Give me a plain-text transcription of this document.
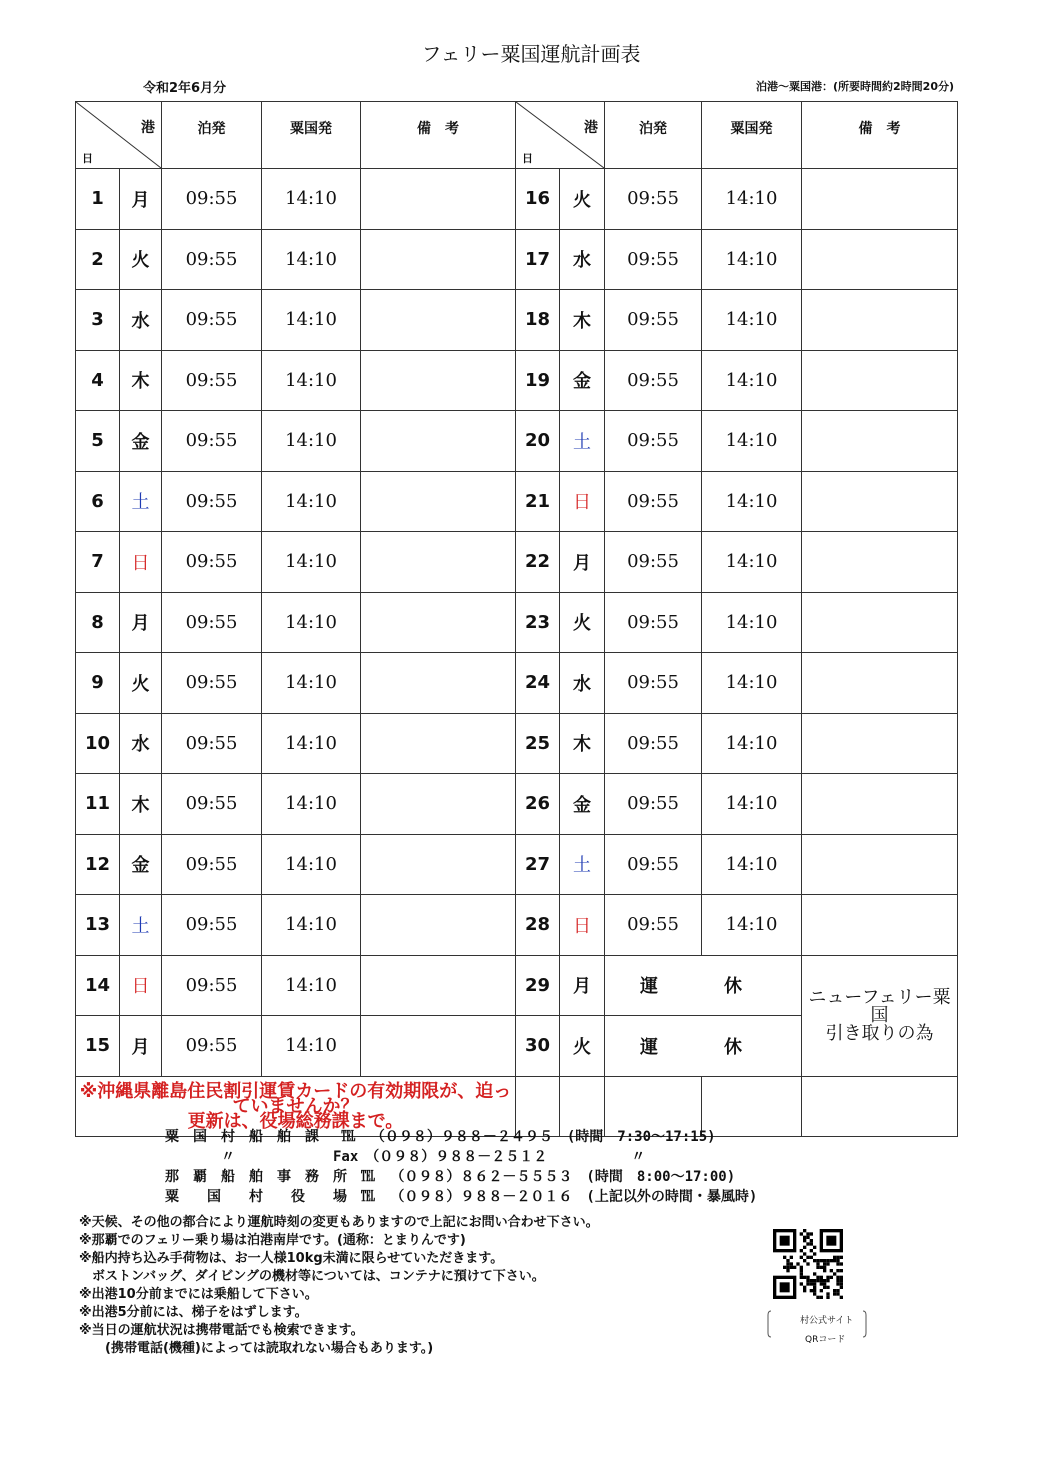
フェリー粟国運航計画表
令和2年6月分	泊港～粟国港：(所要時間約2時間20分)
港
日		泊発	粟国発	備　考	港
日		泊発	粟国発	備　考
1	月	09:55	14:10		16	火	09:55	14:10	
2	火	09:55	14:10		17	水	09:55	14:10	
3	水	09:55	14:10		18	木	09:55	14:10	
4	木	09:55	14:10		19	金	09:55	14:10	
5	金	09:55	14:10		20	土	09:55	14:10	
6	土	09:55	14:10		21	日	09:55	14:10	
7	日	09:55	14:10		22	月	09:55	14:10	
8	月	09:55	14:10		23	火	09:55	14:10	
9	火	09:55	14:10		24	水	09:55	14:10	
10	水	09:55	14:10		25	木	09:55	14:10	
11	木	09:55	14:10		26	金	09:55	14:10	
12	金	09:55	14:10		27	土	09:55	14:10	
13	土	09:55	14:10		28	日	09:55	14:10	
14	日	09:55	14:10		29	月	運　休		ニューフェリー粟国
引き取りの為
15	月	09:55	14:10		30	火	運　休		

※沖縄県離島住民割引運賃カードの有効期限が、迫っていませんか？
更新は、役場総務課まで。									

粟　国　村　船　舶　課　 ℡ 　（０９８）９８８－２４９５　(時間　7:30～17:15)
　　　　〃　　　　　　　Fax　（０９８）９８８－２５１２　　　　　　〃
那　覇　船　舶　事　務　所　℡ 　（０９８）８６２－５５５３　(時間　8:00～17:00)
粟　　国　　村　　役　　場　℡ 　（０９８）９８８－２０１６　(上記以外の時間・暴風時)
※天候、その他の都合により運航時刻の変更もありますので上記にお問い合わせ下さい。
※那覇でのフェリー乗り場は泊港南岸です。(通称：とまりんです)
※船内持ち込み手荷物は、お一人様10kg未満に限らせていただきます。
　ボストンバッグ、ダイビングの機材等については、コンテナに預けて下さい。
※出港10分前までには乗船して下さい。
※出港5分前には、梯子をはずします。
※当日の運航状況は携帯電話でも検索できます。
　　(携帯電話(機種)によっては読取れない場合もあります。)
村公式サイト
QRコード
